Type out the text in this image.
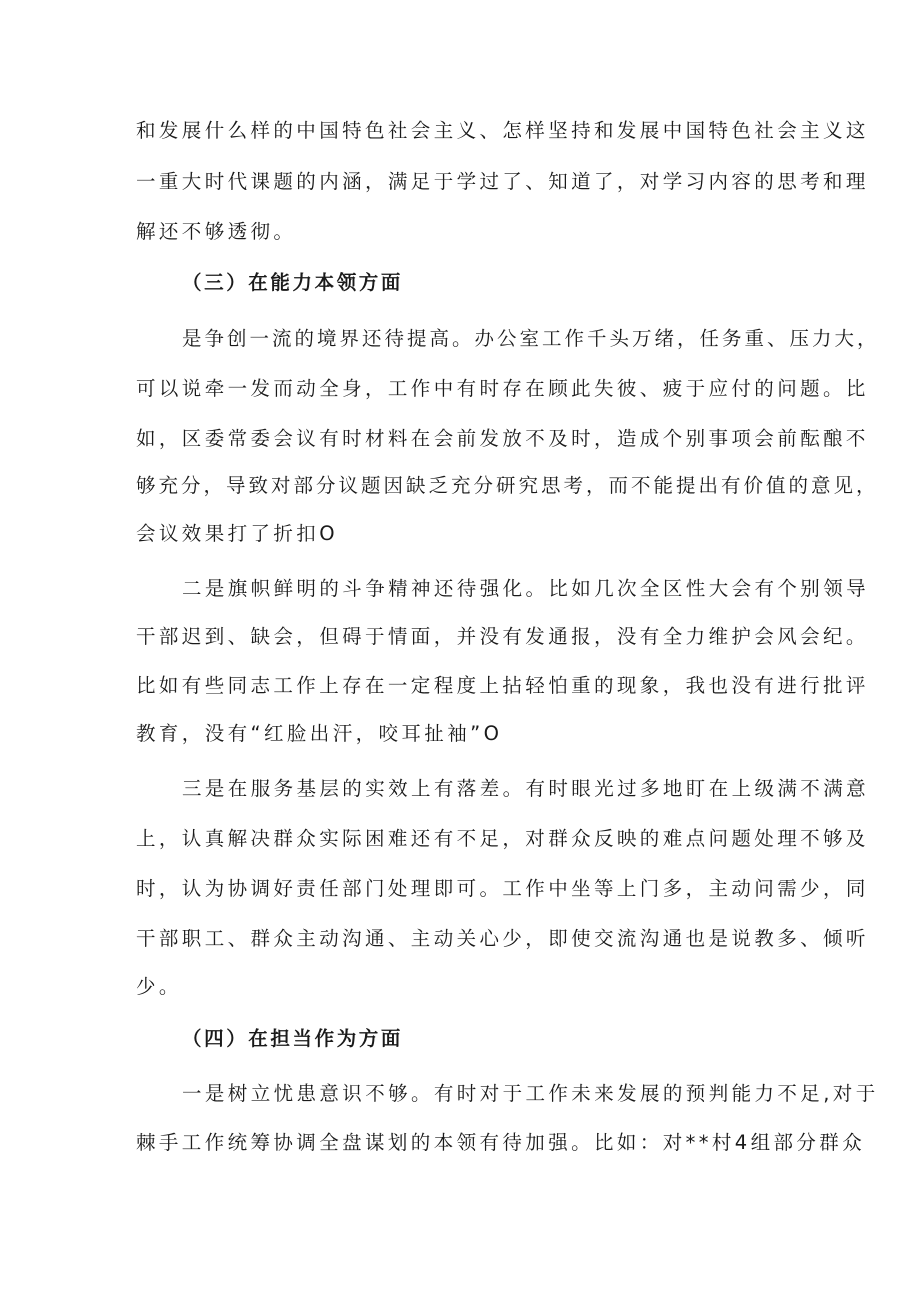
和发展什么样的中国特色社会主义、怎样坚持和发展中国特色社会主义这
一重大时代课题的内涵，满足于学过了、知道了，对学习内容的思考和理
解还不够透彻。
（三）在能力本领方面
是争创一流的境界还待提高。办公室工作千头万绪，任务重、压力大，
可以说牵一发而动全身，工作中有时存在顾此失彼、疲于应付的问题。比
如，区委常委会议有时材料在会前发放不及时，造成个别事项会前酝酿不
够充分，导致对部分议题因缺乏充分研究思考，而不能提出有价值的意见，
会议效果打了折扣O
二是旗帜鲜明的斗争精神还待强化。比如几次全区性大会有个别领导
干部迟到、缺会，但碍于情面，并没有发通报，没有全力维护会风会纪。
比如有些同志工作上存在一定程度上拈轻怕重的现象，我也没有进行批评
教育，没有“红脸出汗，咬耳扯袖”O
三是在服务基层的实效上有落差。有时眼光过多地盯在上级满不满意
上，认真解决群众实际困难还有不足，对群众反映的难点问题处理不够及
时，认为协调好责任部门处理即可。工作中坐等上门多，主动问需少，同
干部职工、群众主动沟通、主动关心少，即使交流沟通也是说教多、倾听
少。
（四）在担当作为方面
一是树立忧患意识不够。有时对于工作未来发展的预判能力不足,对于
棘手工作统筹协调全盘谋划的本领有待加强。比如：对**村4组部分群众
